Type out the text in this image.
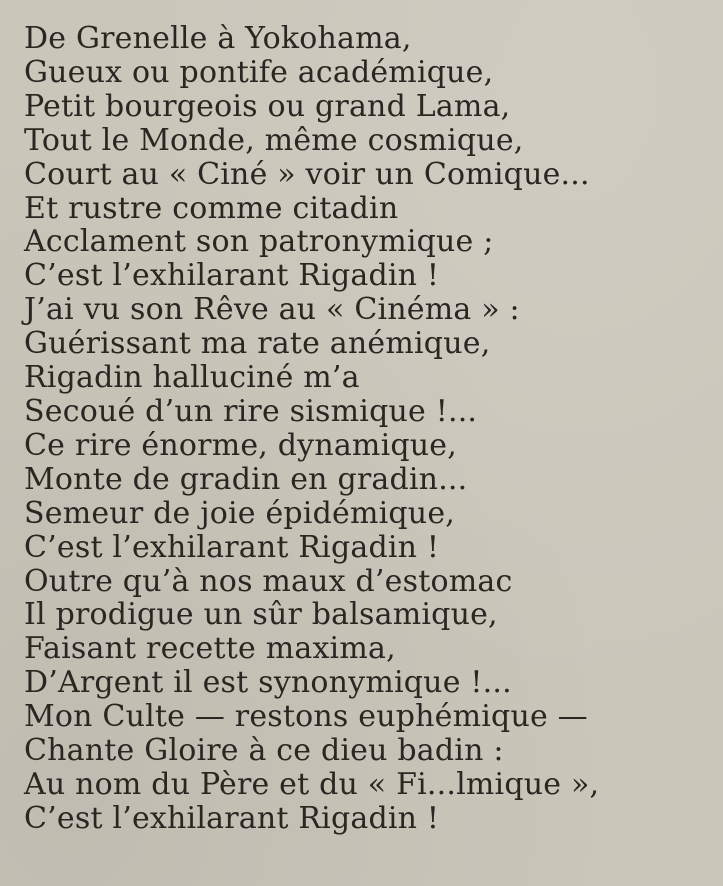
De Grenelle à Yokohama,
Gueux ou pontife académique,
Petit bourgeois ou grand Lama,
Tout le Monde, même cosmique,
Court au « Ciné » voir un Comique...
Et rustre comme citadin
Acclament son patronymique ;
C’est l’exhilarant Rigadin !
J’ai vu son Rêve au « Cinéma » :
Guérissant ma rate anémique,
Rigadin halluciné m’a
Secoué d’un rire sismique !...
Ce rire énorme, dynamique,
Monte de gradin en gradin...
Semeur de joie épidémique,
C’est l’exhilarant Rigadin !
Outre qu’à nos maux d’estomac
Il prodigue un sûr balsamique,
Faisant recette maxima,
D’Argent il est synonymique !...
Mon Culte — restons euphémique —
Chante Gloire à ce dieu badin :
Au nom du Père et du « Fi...lmique »,
C’est l’exhilarant Rigadin !
